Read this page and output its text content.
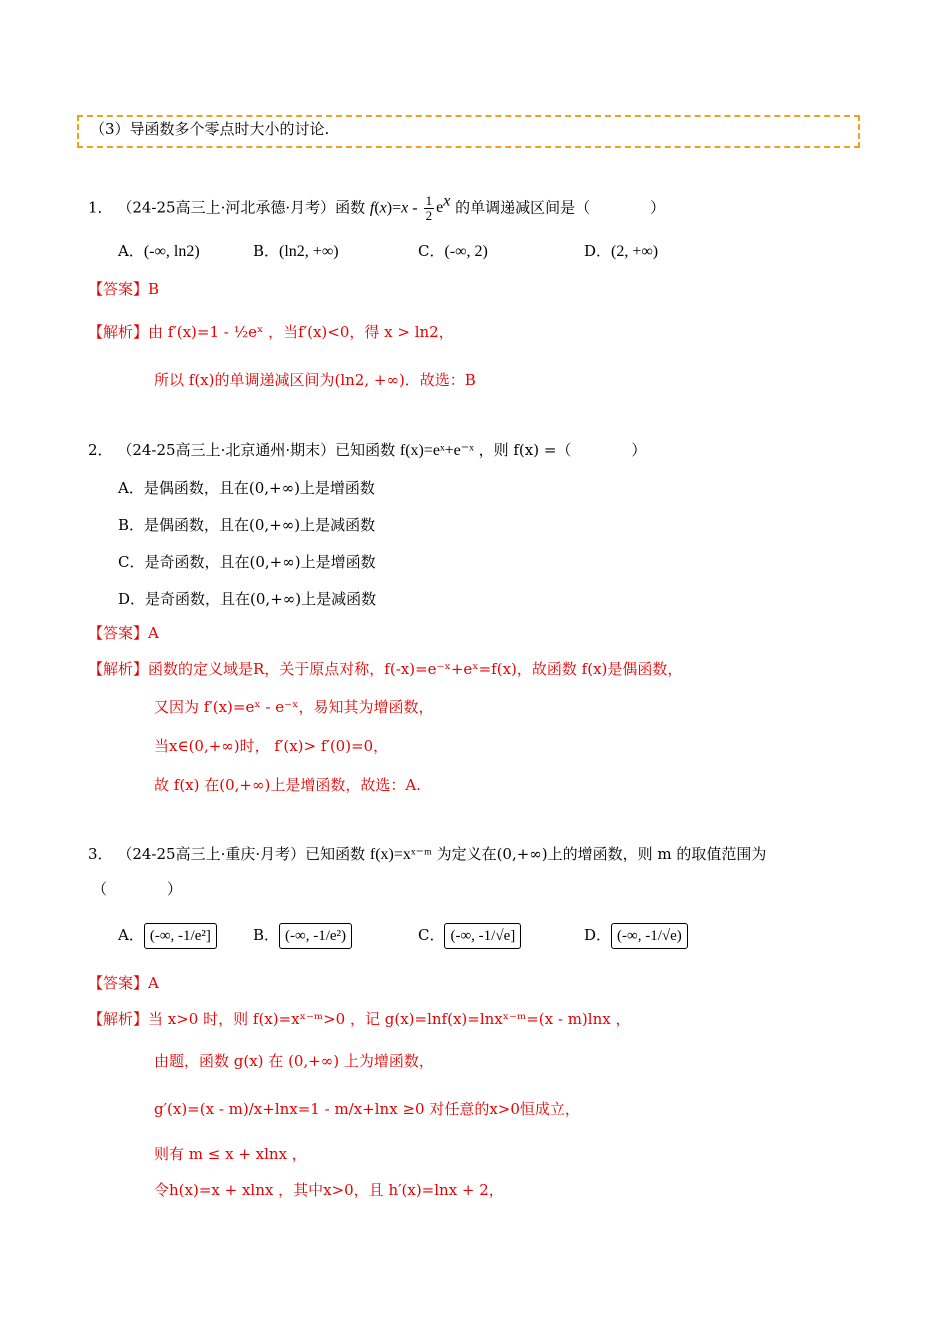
（3）导函数多个零点时大小的讨论.
1． （24-25高三上·河北承德·月考）函数 $f(x)=x - \frac{1}{2} e^x$ 的单调递减区间是（　　　　）
A．(-∞, ln2)	B．(ln2, +∞)	C．(-∞, 2)	D．(2, +∞)
【答案】B
【解析】由 f′(x)=1 - ½eˣ ，当f′(x)<0，得 x > ln2，
所以 f(x)的单调递减区间为(ln2, +∞)．故选：B
2． （24-25高三上·北京通州·期末）已知函数 f(x)=eˣ+e⁻ˣ ，则 f(x) =（　　　　）
A．是偶函数，且在(0,+∞)上是增函数
B．是偶函数，且在(0,+∞)上是减函数
C．是奇函数，且在(0,+∞)上是增函数
D．是奇函数，且在(0,+∞)上是减函数
【答案】A
【解析】函数的定义域是R，关于原点对称，f(-x)=e⁻ˣ+eˣ=f(x)，故函数 f(x)是偶函数，
又因为 f′(x)=eˣ - e⁻ˣ，易知其为增函数，
当x∈(0,+∞)时， f′(x)> f′(0)=0，
故 f(x) 在(0,+∞)上是增函数，故选：A.
3． （24-25高三上·重庆·月考）已知函数 f(x)=xˣ⁻ᵐ 为定义在(0,+∞)上的增函数，则 m 的取值范围为
（　　　　）
A． (-∞, -1/e²]	B． (-∞, -1/e²)	C． (-∞, -1/√e]	D． (-∞, -1/√e)
【答案】A
【解析】当 x>0 时，则 f(x)=xˣ⁻ᵐ>0 ，记 g(x)=lnf(x)=lnxˣ⁻ᵐ=(x - m)lnx ，
由题，函数 g(x) 在 (0,+∞) 上为增函数，
g′(x)=(x - m)/x+lnx=1 - m/x+lnx ≥0 对任意的x>0恒成立，
则有 m ≤ x + xlnx ，
令h(x)=x + xlnx ，其中x>0，且 h′(x)=lnx + 2，
